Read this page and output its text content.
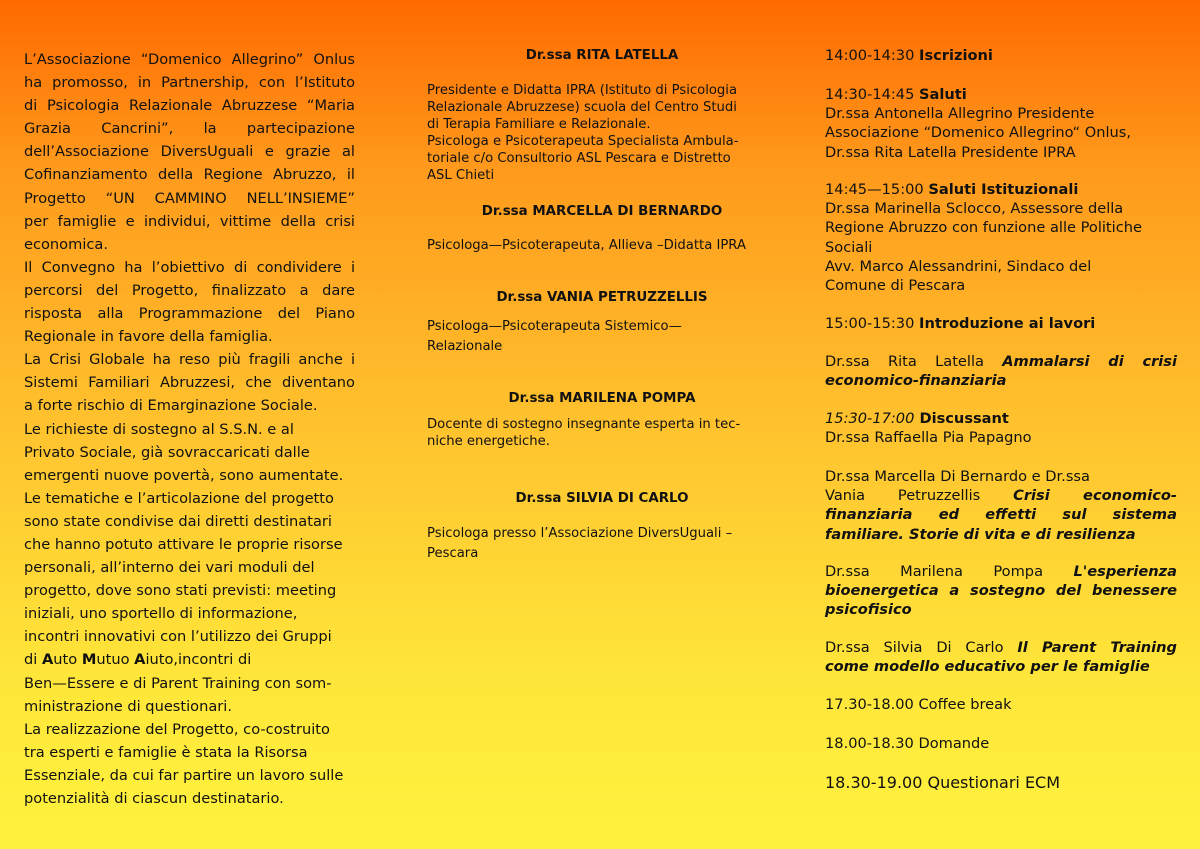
L’Associazione “Domenico Allegrino” Onlus

ha promosso, in Partnership, con l’Istituto

di Psicologia Relazionale Abruzzese “Maria

Grazia Cancrini”, la partecipazione

dell’Associazione DiversUguali e grazie al

Cofinanziamento della Regione Abruzzo, il

Progetto “UN CAMMINO NELL’INSIEME”

per famiglie e individui, vittime della crisi

economica.

Il Convegno ha l’obiettivo di condividere i

percorsi del Progetto, finalizzato a dare

risposta alla Programmazione del Piano

Regionale in favore della famiglia.

La Crisi Globale ha reso più fragili anche i

Sistemi Familiari Abruzzesi, che diventano

a forte rischio di Emarginazione Sociale.

Le richieste di sostegno al S.S.N. e al

Privato Sociale, già sovraccaricati dalle

emergenti nuove povertà, sono aumentate.

Le tematiche e l’articolazione del progetto

sono state condivise dai diretti destinatari

che hanno potuto attivare le proprie risorse

personali, all’interno dei vari moduli del

progetto, dove sono stati previsti: meeting

iniziali, uno sportello di informazione,

incontri innovativi con l’utilizzo dei Gruppi

di Auto Mutuo Aiuto,incontri di

Ben—Essere e di Parent Training con som-

ministrazione di questionari.

La realizzazione del Progetto, co-costruito

tra esperti e famiglie è stata la Risorsa

Essenziale, da cui far partire un lavoro sulle

potenzialità di ciascun destinatario.

Dr.ssa RITA LATELLA
Presidente e Didatta IPRA (Istituto di Psicologia
Relazionale Abruzzese) scuola del Centro Studi
di Terapia Familiare e Relazionale.
Psicologa e Psicoterapeuta Specialista Ambula-
toriale c/o Consultorio ASL Pescara e Distretto
ASL Chieti
Dr.ssa MARCELLA DI BERNARDO
Psicologa—Psicoterapeuta, Allieva –Didatta IPRA
Dr.ssa VANIA PETRUZZELLIS
Psicologa—Psicoterapeuta Sistemico—
Relazionale
Dr.ssa MARILENA POMPA
Docente di sostegno insegnante esperta in tec-
niche energetiche.
Dr.ssa SILVIA DI CARLO
Psicologa presso l’Associazione DiversUguali –
Pescara
14:00-14:30 Iscrizioni
14:30-14:45 Saluti
Dr.ssa Antonella Allegrino Presidente
Associazione “Domenico Allegrino“ Onlus,
Dr.ssa Rita Latella Presidente IPRA
14:45—15:00 Saluti Istituzionali
Dr.ssa Marinella Sclocco, Assessore della
Regione Abruzzo con funzione alle Politiche
Sociali
Avv. Marco Alessandrini, Sindaco del
Comune di Pescara
15:00-15:30 Introduzione ai lavori
Dr.ssa Rita Latella Ammalarsi di crisi
economico-finanziaria
15:30-17:00 Discussant
Dr.ssa Raffaella Pia Papagno
Dr.ssa Marcella Di Bernardo e Dr.ssa
Vania Petruzzellis Crisi economico-
finanziaria ed effetti sul sistema
familiare. Storie di vita e di resilienza
Dr.ssa Marilena Pompa L'esperienza
bioenergetica a sostegno del benessere
psicofisico
Dr.ssa Silvia Di Carlo Il Parent Training
come modello educativo per le famiglie
17.30-18.00 Coffee break
18.00-18.30 Domande
18.30-19.00 Questionari ECM
